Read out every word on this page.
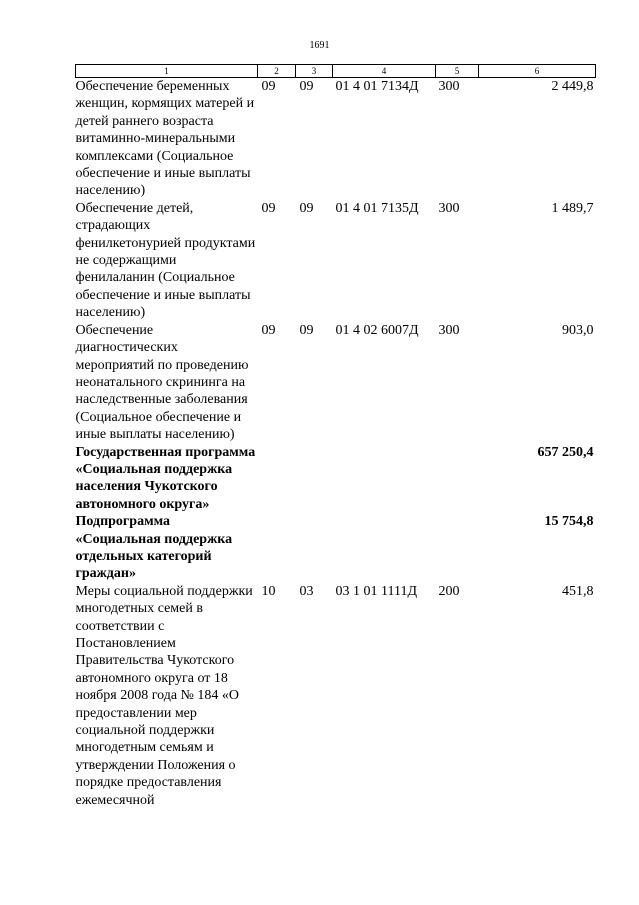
1691
1	2	3	4	5	6
Обеспечение беременных женщин, кормящих матерей и детей раннего возраста витаминно-минеральными комплексами (Социальное обеспечение и иные выплаты населению)	09	09	01 4 01 7134Д	300	2 449,8
Обеспечение детей, страдающих фенилкетонурией продуктами не содержащими фенилаланин (Социальное обеспечение и иные выплаты населению)	09	09	01 4 01 7135Д	300	1 489,7
Обеспечение диагностических мероприятий по проведению неонатального скрининга на наследственные заболевания (Социальное обеспечение и иные выплаты населению)	09	09	01 4 02 6007Д	300	903,0
Государственная программа «Социальная поддержка населения Чукотского автономного округа»					657 250,4
Подпрограмма «Социальная поддержка отдельных категорий граждан»					15 754,8
Меры социальной поддержки многодетных семей в соответствии с Постановлением Правительства Чукотского автономного округа от 18 ноября 2008 года № 184 «О предоставлении мер социальной поддержки многодетным семьям и утверждении Положения о порядке предоставления ежемесячной	10	03	03 1 01 1111Д	200	451,8
